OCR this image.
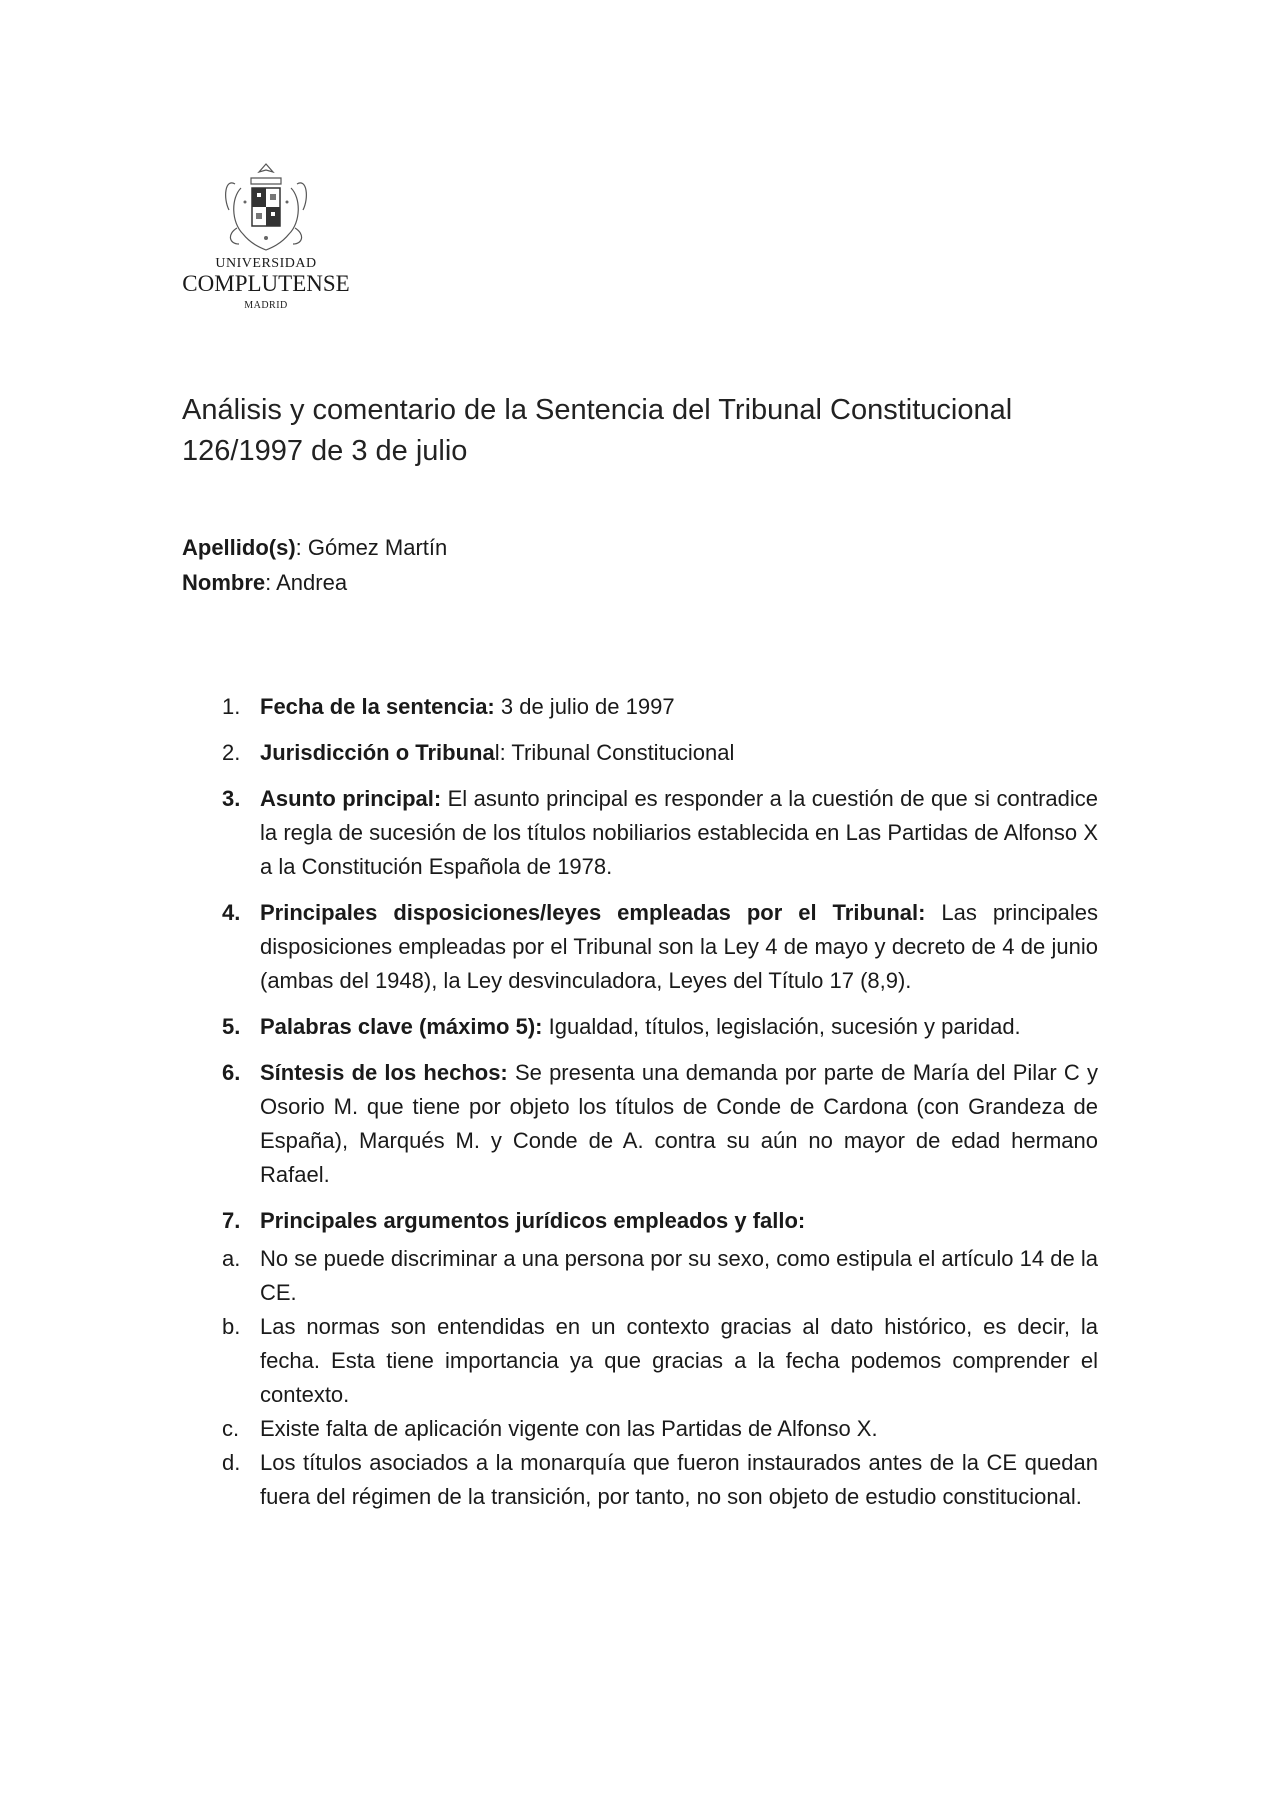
UNIVERSIDAD
COMPLUTENSE
MADRID
Análisis y comentario de la Sentencia del Tribunal Constitucional 126/1997 de 3 de julio
Apellido(s): Gómez Martín
Nombre: Andrea
1. Fecha de la sentencia: 3 de julio de 1997
2. Jurisdicción o Tribunal: Tribunal Constitucional
3. Asunto principal: El asunto principal es responder a la cuestión de que si contradice la regla de sucesión de los títulos nobiliarios establecida en Las Partidas de Alfonso X a la Constitución Española de 1978.
4. Principales disposiciones/leyes empleadas por el Tribunal: Las principales disposiciones empleadas por el Tribunal son la Ley 4 de mayo y decreto de 4 de junio (ambas del 1948), la Ley desvinculadora, Leyes del Título 17 (8,9).
5. Palabras clave (máximo 5): Igualdad, títulos, legislación, sucesión y paridad.
6. Síntesis de los hechos: Se presenta una demanda por parte de María del Pilar C y Osorio M. que tiene por objeto los títulos de Conde de Cardona (con Grandeza de España), Marqués M. y Conde de A. contra su aún no mayor de edad hermano Rafael.
7. Principales argumentos jurídicos empleados y fallo:
a. No se puede discriminar a una persona por su sexo, como estipula el artículo 14 de la CE.
b. Las normas son entendidas en un contexto gracias al dato histórico, es decir, la fecha. Esta tiene importancia ya que gracias a la fecha podemos comprender el contexto.
c. Existe falta de aplicación vigente con las Partidas de Alfonso X.
d. Los títulos asociados a la monarquía que fueron instaurados antes de la CE quedan fuera del régimen de la transición, por tanto, no son objeto de estudio constitucional.
